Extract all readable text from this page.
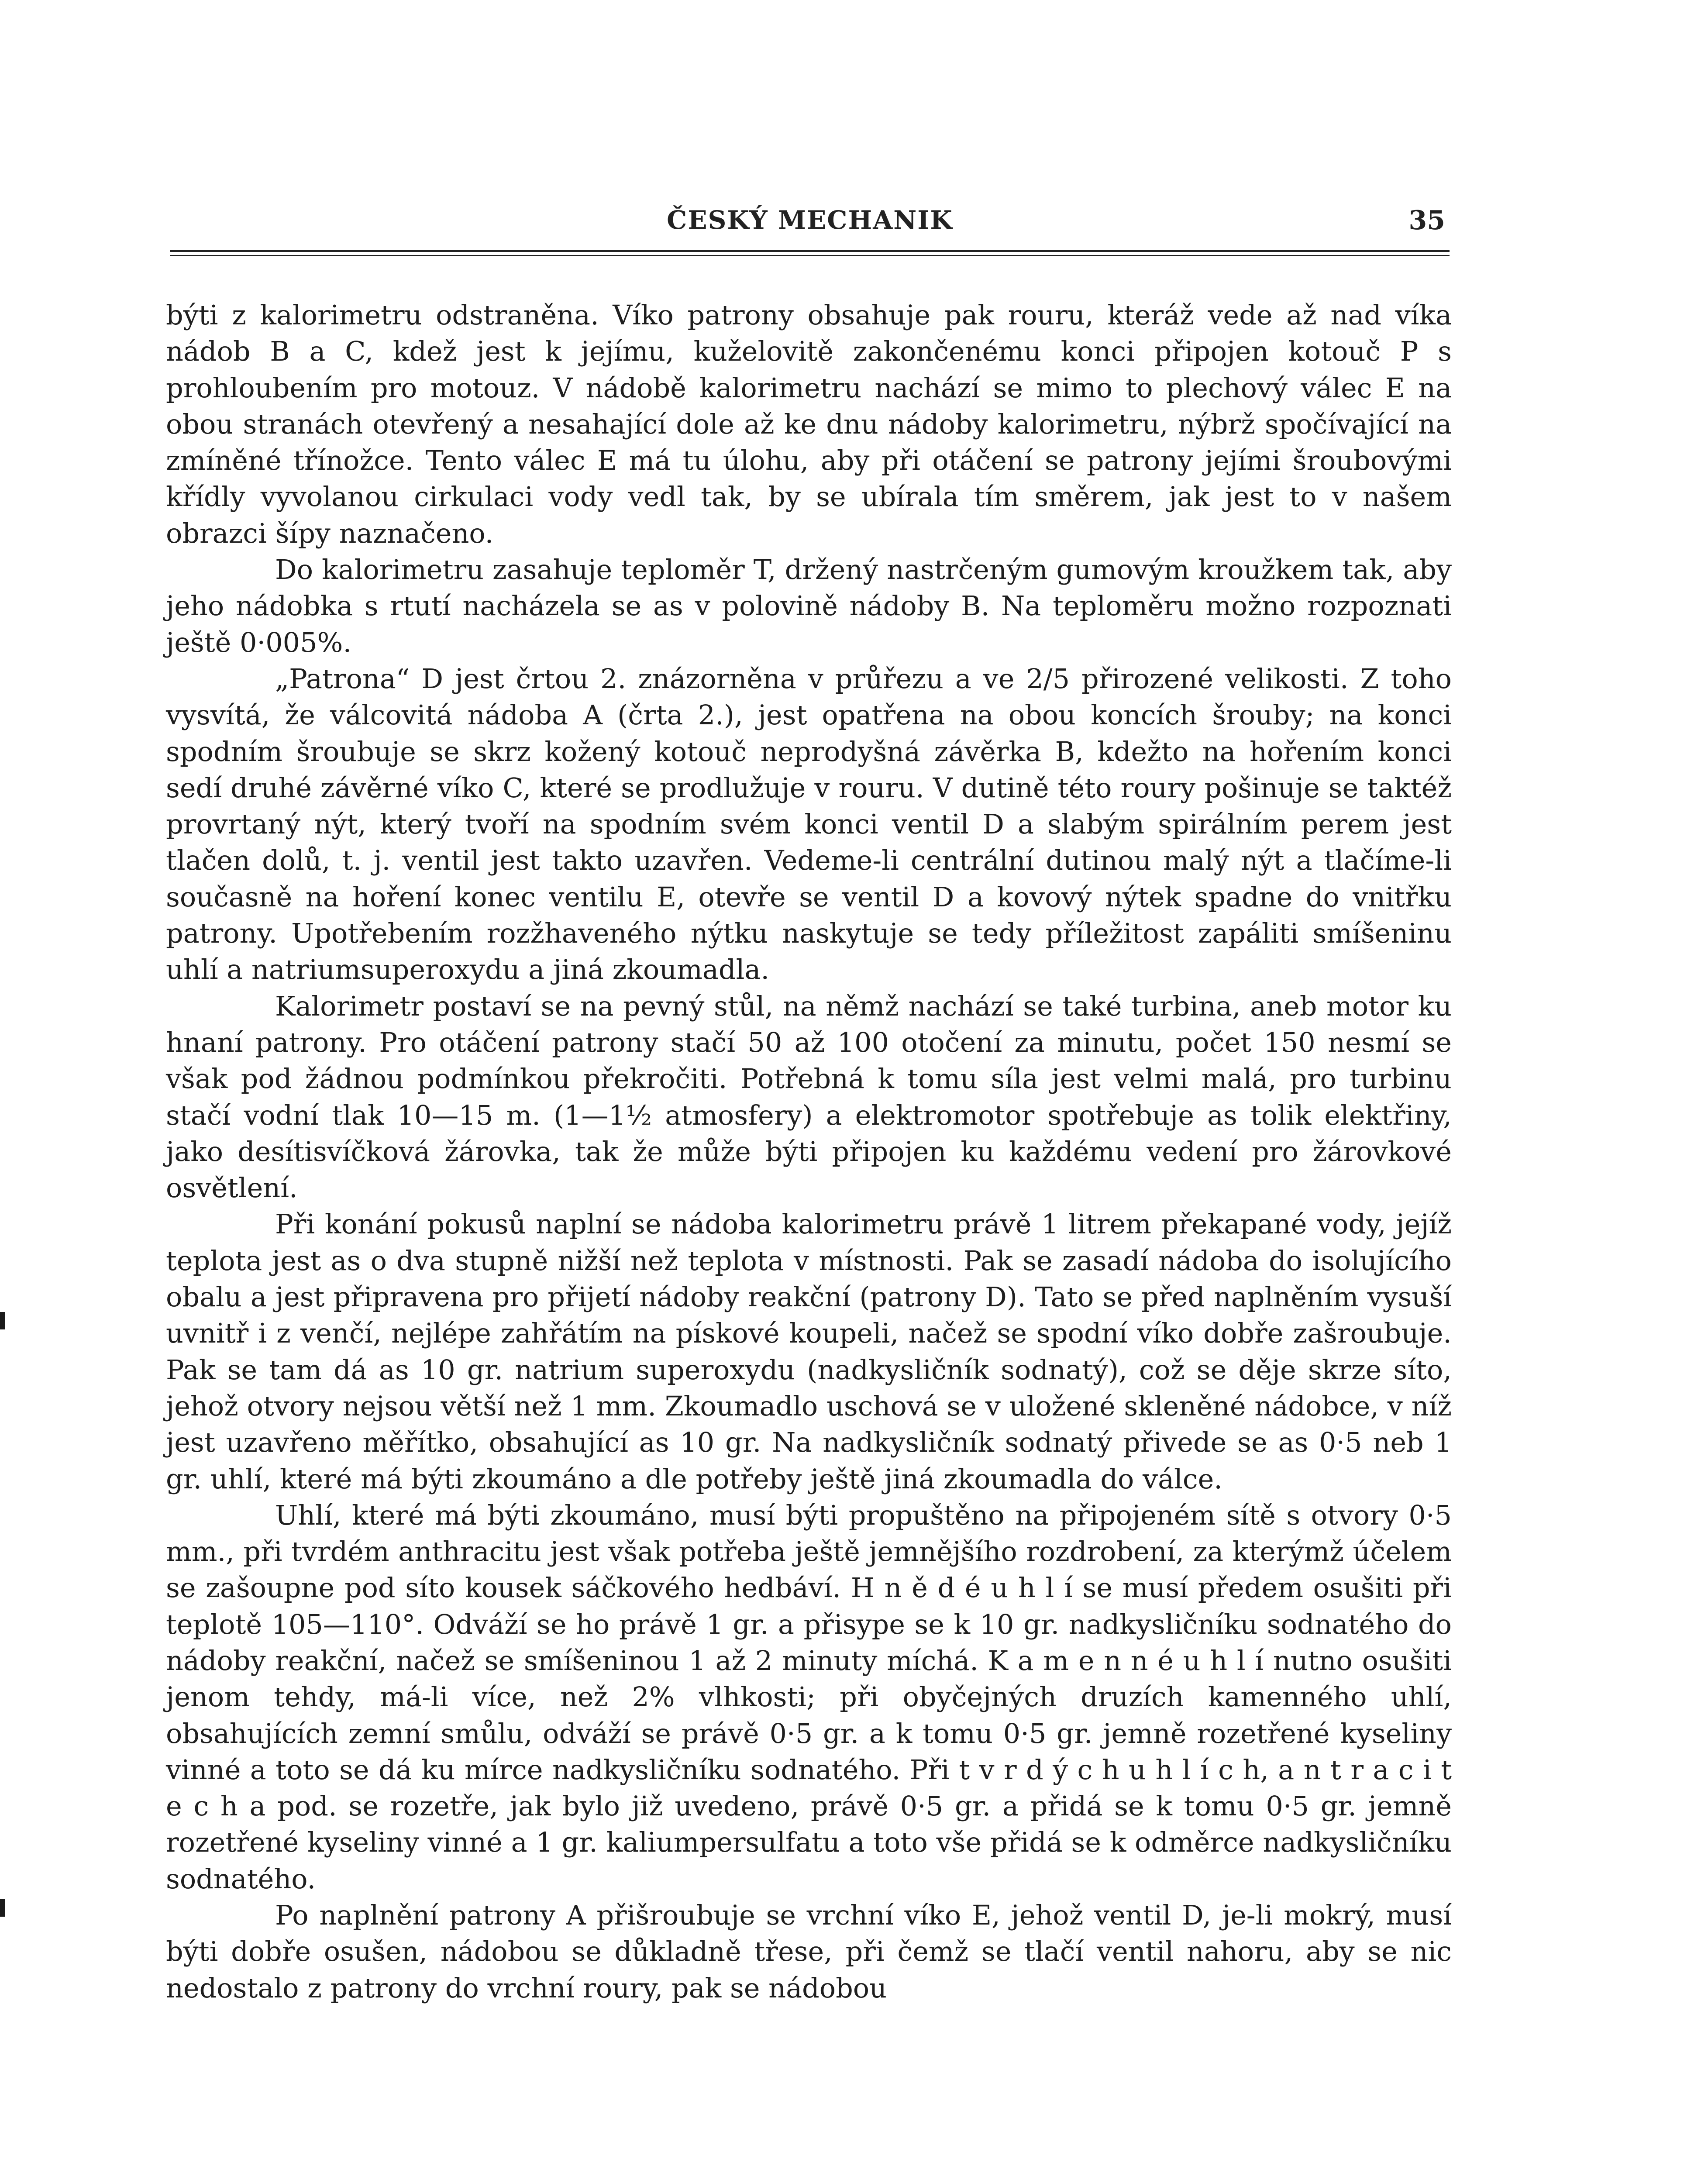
ČESKÝ MECHANIK	35

býti z kalorimetru odstraněna. Víko patrony obsahuje pak rouru, kteráž vede až nad víka nádob B a C, kdež jest k jejímu, kuželovitě zakončenému konci připojen kotouč P s prohloubením pro motouz. V nádobě kalorimetru nachází se mimo to plechový válec E na obou stranách otevřený a nesahající dole až ke dnu nádoby kalorimetru, nýbrž spočívající na zmíněné třínožce. Tento válec E má tu úlohu, aby při otáčení se patrony jejími šroubovými křídly vyvolanou cirkulaci vody vedl tak, by se ubírala tím směrem, jak jest to v našem obrazci šípy naznačeno.

Do kalorimetru zasahuje teploměr T, držený nastrčeným gumovým kroužkem tak, aby jeho nádobka s rtutí nacházela se as v polovině nádoby B. Na teploměru možno rozpoznati ještě 0·005%.

„Patrona“ D jest črtou 2. znázorněna v průřezu a ve 2/5 přirozené velikosti. Z toho vysvítá, že válcovitá nádoba A (črta 2.), jest opatřena na obou koncích šrouby; na konci spodním šroubuje se skrz kožený kotouč neprodyšná závěrka B, kdežto na hořením konci sedí druhé závěrné víko C, které se prodlužuje v rouru. V dutině této roury pošinuje se taktéž provrtaný nýt, který tvoří na spodním svém konci ventil D a slabým spirálním perem jest tlačen dolů, t. j. ventil jest takto uzavřen. Vedeme-li centrální dutinou malý nýt a tlačíme-li současně na hoření konec ventilu E, otevře se ventil D a kovový nýtek spadne do vnitřku patrony. Upotřebením rozžhaveného nýtku naskytuje se tedy příležitost zapáliti smíšeninu uhlí a natriumsuperoxydu a jiná zkoumadla.

Kalorimetr postaví se na pevný stůl, na němž nachází se také turbina, aneb motor ku hnaní patrony. Pro otáčení patrony stačí 50 až 100 otočení za minutu, počet 150 nesmí se však pod žádnou podmínkou překročiti. Potřebná k tomu síla jest velmi malá, pro turbinu stačí vodní tlak 10—15 m. (1—1½ atmosfery) a elektromotor spotřebuje as tolik elektřiny, jako desítisvíčková žárovka, tak že může býti připojen ku každému vedení pro žárovkové osvětlení.

Při konání pokusů naplní se nádoba kalorimetru právě 1 litrem překapané vody, jejíž teplota jest as o dva stupně nižší než teplota v místnosti. Pak se zasadí nádoba do isolujícího obalu a jest připravena pro přijetí nádoby reakční (patrony D). Tato se před naplněním vysuší uvnitř i z venčí, nejlépe zahřátím na pískové koupeli, načež se spodní víko dobře zašroubuje. Pak se tam dá as 10 gr. natrium superoxydu (nadkysličník sodnatý), což se děje skrze síto, jehož otvory nejsou větší než 1 mm. Zkoumadlo uschová se v uložené skleněné nádobce, v níž jest uzavřeno měřítko, obsahující as 10 gr. Na nadkysličník sodnatý přivede se as 0·5 neb 1 gr. uhlí, které má býti zkoumáno a dle potřeby ještě jiná zkoumadla do válce.

Uhlí, které má býti zkoumáno, musí býti propuštěno na připojeném sítě s otvory 0·5 mm., při tvrdém anthracitu jest však potřeba ještě jemnějšího rozdrobení, za kterýmž účelem se zašoupne pod síto kousek sáčkového hedbáví. H n ě d é u h l í se musí předem osušiti při teplotě 105—110°. Odváží se ho právě 1 gr. a přisype se k 10 gr. nadkysličníku sodnatého do nádoby reakční, načež se smíšeninou 1 až 2 minuty míchá. K a m e n n é u h l í nutno osušiti jenom tehdy, má-li více, než 2% vlhkosti; při obyčejných druzích kamenného uhlí, obsahujících zemní smůlu, odváží se právě 0·5 gr. a k tomu 0·5 gr. jemně rozetřené kyseliny vinné a toto se dá ku mírce nadkysličníku sodnatého. Při t v r d ý c h u h l í c h, a n t r a c i t e c h a pod. se rozetře, jak bylo již uvedeno, právě 0·5 gr. a přidá se k tomu 0·5 gr. jemně rozetřené kyseliny vinné a 1 gr. kaliumpersulfatu a toto vše přidá se k odměrce nadkysličníku sodnatého.

Po naplnění patrony A přišroubuje se vrchní víko E, jehož ventil D, je-li mokrý, musí býti dobře osušen, nádobou se důkladně třese, při čemž se tlačí ventil nahoru, aby se nic nedostalo z patrony do vrchní roury, pak se nádobou
